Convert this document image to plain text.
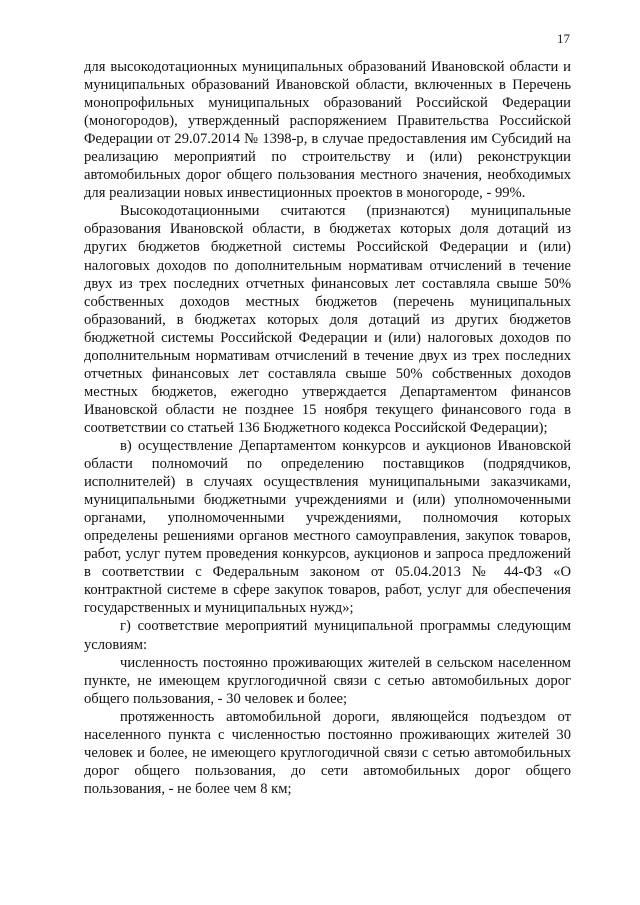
17

для высокодотационных муниципальных образований Ивановской области и муниципальных образований Ивановской области, включенных в Перечень монопрофильных муниципальных образований Российской Федерации (моногородов), утвержденный распоряжением Правительства Российской Федерации от 29.07.2014 № 1398-р, в случае предоставления им Субсидий на реализацию мероприятий по строительству и (или) реконструкции автомобильных дорог общего пользования местного значения, необходимых для реализации новых инвестиционных проектов в моногороде, - 99%.

Высокодотационными считаются (признаются) муниципальные образования Ивановской области, в бюджетах которых доля дотаций из других бюджетов бюджетной системы Российской Федерации и (или) налоговых доходов по дополнительным нормативам отчислений в течение двух из трех последних отчетных финансовых лет составляла свыше 50% собственных доходов местных бюджетов (перечень муниципальных образований, в бюджетах которых доля дотаций из других бюджетов бюджетной системы Российской Федерации и (или) налоговых доходов по дополнительным нормативам отчислений в течение двух из трех последних отчетных финансовых лет составляла свыше 50% собственных доходов местных бюджетов, ежегодно утверждается Департаментом финансов Ивановской области не позднее 15 ноября текущего финансового года в соответствии со статьей 136 Бюджетного кодекса Российской Федерации);

в) осуществление Департаментом конкурсов и аукционов Ивановской области полномочий по определению поставщиков (подрядчиков, исполнителей) в случаях осуществления муниципальными заказчиками, муниципальными бюджетными учреждениями и (или) уполномоченными органами, уполномоченными учреждениями, полномочия которых определены решениями органов местного самоуправления, закупок товаров, работ, услуг путем проведения конкурсов, аукционов и запроса предложений в соответствии с Федеральным законом от 05.04.2013 № 44-ФЗ «О контрактной системе в сфере закупок товаров, работ, услуг для обеспечения государственных и муниципальных нужд»;

г) соответствие мероприятий муниципальной программы следующим условиям:

численность постоянно проживающих жителей в сельском населенном пункте, не имеющем круглогодичной связи с сетью автомобильных дорог общего пользования, - 30 человек и более;

протяженность автомобильной дороги, являющейся подъездом от населенного пункта с численностью постоянно проживающих жителей 30 человек и более, не имеющего круглогодичной связи с сетью автомобильных дорог общего пользования, до сети автомобильных дорог общего пользования, - не более чем 8 км;
